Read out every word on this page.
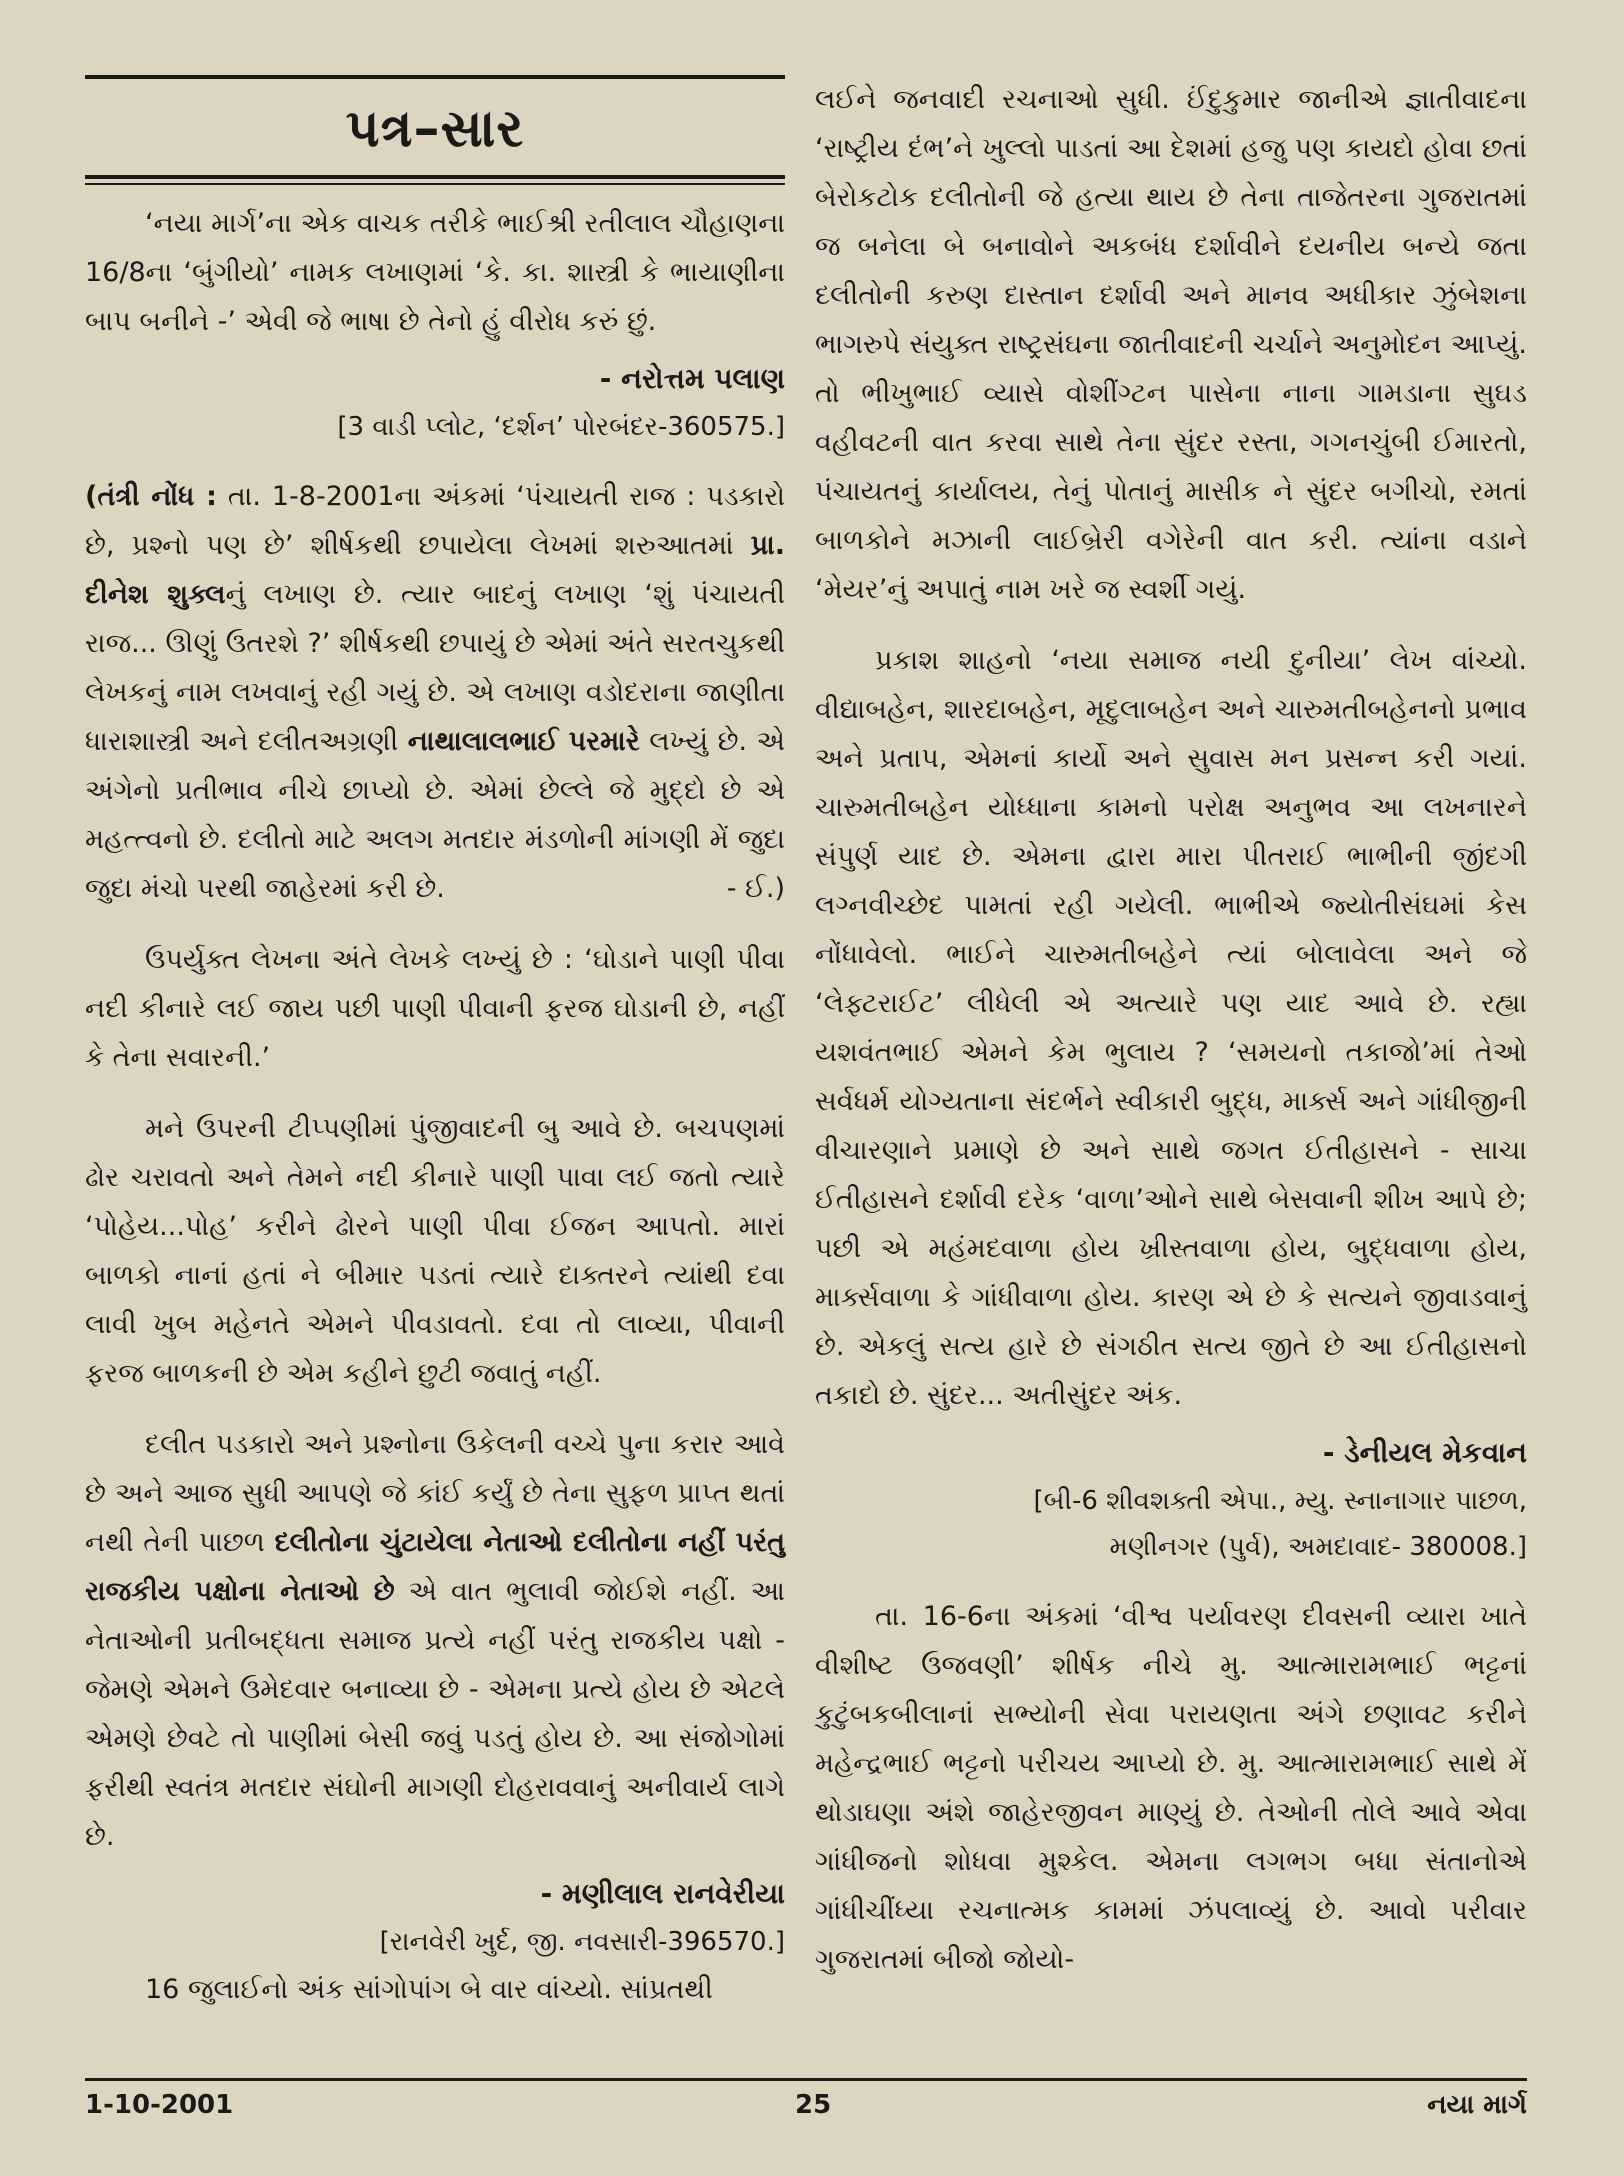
પત્ર–સાર

‘નયા માર્ગ’ના એક વાચક તરીકે ભાઈશ્રી રતીલાલ ચૌહાણના 16/8ના ‘બુંગીયો’ નામક લખાણમાં ‘કે. કા. શાસ્ત્રી કે ભાયાણીના બાપ બનીને -’ એવી જે ભાષા છે તેનો હું વીરોધ કરું છું.

- નરોત્તમ પલાણ
[3 વાડી પ્લોટ, ‘દર્શન’ પોરબંદર-360575.]

(તંત્રી નોંધ : તા. 1-8-2001ના અંકમાં ‘પંચાયતી રાજ : પડકારો છે, પ્રશ્નો પણ છે’ શીર્ષકથી છપાયેલા લેખમાં શરુઆતમાં પ્રા. દીનેશ શુક્લનું લખાણ છે. ત્યાર બાદનું લખાણ ‘શું પંચાયતી રાજ... ઊણું ઉતરશે ?’ શીર્ષકથી છપાયું છે એમાં અંતે સરતચુકથી લેખકનું નામ લખવાનું રહી ગયું છે. એ લખાણ વડોદરાના જાણીતા ધારાશાસ્ત્રી અને દલીતઅગ્રણી નાથાલાલભાઈ પરમારે લખ્યું છે. એ અંગેનો પ્રતીભાવ નીચે છાપ્યો છે. એમાં છેલ્લે જે મુદ્દો છે એ મહત્ત્વનો છે. દલીતો માટે અલગ મતદાર મંડળોની માંગણી મેં જુદા જુદા મંચો પરથી જાહેરમાં કરી છે.	- ઈ.)

ઉપર્યુક્ત લેખના અંતે લેખકે લખ્યું છે : ‘ઘોડાને પાણી પીવા નદી કીનારે લઈ જાય પછી પાણી પીવાની ફરજ ઘોડાની છે, નહીં કે તેના સવારની.’

મને ઉપરની ટીપ્પણીમાં પુંજીવાદની બુ આવે છે. બચપણમાં ઢોર ચરાવતો અને તેમને નદી કીનારે પાણી પાવા લઈ જતો ત્યારે ‘પોહેય...પોહ’ કરીને ઢોરને પાણી પીવા ઈજન આપતો. મારાં બાળકો નાનાં હતાં ને બીમાર પડતાં ત્યારે દાક્તરને ત્યાંથી દવા લાવી ખુબ મહેનતે એમને પીવડાવતો. દવા તો લાવ્યા, પીવાની ફરજ બાળકની છે એમ કહીને છુટી જવાતું નહીં.

દલીત પડકારો અને પ્રશ્નોના ઉકેલની વચ્ચે પુના કરાર આવે છે અને આજ સુધી આપણે જે કાંઈ કર્યું છે તેના સુફળ પ્રાપ્ત થતાં નથી તેની પાછળ દલીતોના ચુંટાયેલા નેતાઓ દલીતોના નહીં પરંતુ રાજકીય પક્ષોના નેતાઓ છે એ વાત ભુલાવી જોઈશે નહીં. આ નેતાઓની પ્રતીબદ્ધતા સમાજ પ્રત્યે નહીં પરંતુ રાજકીય પક્ષો - જેમણે એમને ઉમેદવાર બનાવ્યા છે - એમના પ્રત્યે હોય છે એટલે એમણે છેવટે તો પાણીમાં બેસી જવું પડતું હોય છે. આ સંજોગોમાં ફરીથી સ્વતંત્ર મતદાર સંઘોની માગણી દોહરાવવાનું અનીવાર્ય લાગે છે.

- મણીલાલ રાનવેરીયા
[રાનવેરી ખુર્દ, જી. નવસારી-396570.]

16 જુલાઈનો અંક સાંગોપાંગ બે વાર વાંચ્યો. સાંપ્રતથી

લઈને જનવાદી રચનાઓ સુધી. ઈંદુકુમાર જાનીએ જ્ઞાતીવાદના ‘રાષ્ટ્રીય દંભ’ને ખુલ્લો પાડતાં આ દેશમાં હજુ પણ કાયદો હોવા છતાં બેરોકટોક દલીતોની જે હત્યા થાય છે તેના તાજેતરના ગુજરાતમાં જ બનેલા બે બનાવોને અકબંધ દર્શાવીને દયનીય બન્યે જતા દલીતોની કરુણ દાસ્તાન દર્શાવી અને માનવ અધીકાર ઝુંબેશના ભાગરુપે સંયુક્ત રાષ્ટ્રસંઘના જાતીવાદની ચર્ચાને અનુમોદન આપ્યું. તો ભીખુભાઈ વ્યાસે વોશીંગ્ટન પાસેના નાના ગામડાના સુઘડ વહીવટની વાત કરવા સાથે તેના સુંદર રસ્તા, ગગનચુંબી ઈમારતો, પંચાયતનું કાર્યાલય, તેનું પોતાનું માસીક ને સુંદર બગીચો, રમતાં બાળકોને મઝાની લાઈબ્રેરી વગેરેની વાત કરી. ત્યાંના વડાને ‘મેયર’નું અપાતું નામ ખરે જ સ્વર્શી ગયું.

પ્રકાશ શાહનો ‘નયા સમાજ નયી દુનીયા’ લેખ વાંચ્યો. વીદ્યાબહેન, શારદાબહેન, મૃદુલાબહેન અને ચારુમતીબહેનનો પ્રભાવ અને પ્રતાપ, એમનાં કાર્યો અને સુવાસ મન પ્રસન્ન કરી ગયાં. ચારુમતીબહેન યોધ્ધાના કામનો પરોક્ષ અનુભવ આ લખનારને સંપુર્ણ યાદ છે. એમના દ્વારા મારા પીતરાઈ ભાભીની જીંદગી લગ્નવીચ્છેદ પામતાં રહી ગયેલી. ભાભીએ જ્યોતીસંઘમાં કેસ નોંધાવેલો. ભાઈને ચારુમતીબહેને ત્યાં બોલાવેલા અને જે ‘લેફ્ટરાઈટ’ લીધેલી એ અત્યારે પણ યાદ આવે છે. રહ્યા યશવંતભાઈ એમને કેમ ભુલાય ? ‘સમયનો તકાજો’માં તેઓ સર્વધર્મ યોગ્યતાના સંદર્ભને સ્વીકારી બુદ્ધ, માર્ક્સ અને ગાંધીજીની વીચારણાને પ્રમાણે છે અને સાથે જગત ઈતીહાસને - સાચા ઈતીહાસને દર્શાવી દરેક ‘વાળા’ઓને સાથે બેસવાની શીખ આપે છે; પછી એ મહંમદવાળા હોય ખ્રીસ્તવાળા હોય, બુદ્ધવાળા હોય, માર્ક્સવાળા કે ગાંધીવાળા હોય. કારણ એ છે કે સત્યને જીવાડવાનું છે. એકલું સત્ય હારે છે સંગઠીત સત્ય જીતે છે આ ઈતીહાસનો તકાદો છે. સુંદર... અતીસુંદર અંક.

- ડેનીયલ મેકવાન
[બી-6 શીવશક્તી એપા., મ્યુ. સ્નાનાગાર પાછળ,
મણીનગર (પુર્વ), અમદાવાદ- 380008.]

તા. 16-6ના અંકમાં ‘વીશ્વ પર્યાવરણ દીવસની વ્યારા ખાતે વીશીષ્ટ ઉજવણી’ શીર્ષક નીચે મુ. આત્મારામભાઈ ભટ્ટનાં કુટુંબકબીલાનાં સભ્યોની સેવા પરાયણતા અંગે છણાવટ કરીને મહેન્દ્રભાઈ ભટ્ટનો પરીચય આપ્યો છે. મુ. આત્મારામભાઈ સાથે મેં થોડાઘણા અંશે જાહેરજીવન માણ્યું છે. તેઓની તોલે આવે એવા ગાંધીજનો શોધવા મુશ્કેલ. એમના લગભગ બધા સંતાનોએ ગાંધીચીંધ્યા રચનાત્મક કામમાં ઝંપલાવ્યું છે. આવો પરીવાર ગુજરાતમાં બીજો જોયો-

1-10-2001	25	નયા માર્ગ
